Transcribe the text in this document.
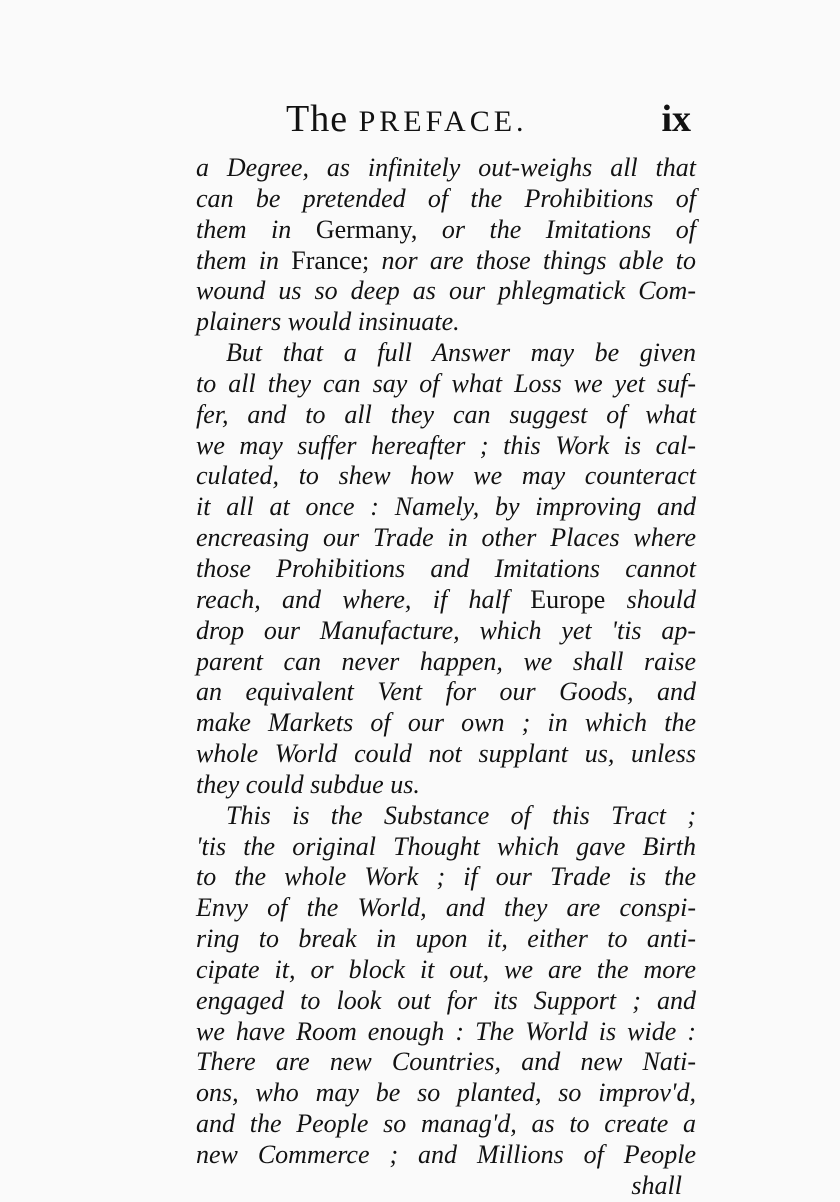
The PREFACE.	ix
a Degree, as infinitely out-weighs all that
can be pretended of the Prohibitions of
them in Germany, or the Imitations of
them in France; nor are those things able to
wound us so deep as our phlegmatick Com-
plainers would insinuate.
But that a full Answer may be given
to all they can say of what Loss we yet suf-
fer, and to all they can suggest of what
we may suffer hereafter ; this Work is cal-
culated, to shew how we may counteract
it all at once : Namely, by improving and
encreasing our Trade in other Places where
those Prohibitions and Imitations cannot
reach, and where, if half Europe should
drop our Manufacture, which yet 'tis ap-
parent can never happen, we shall raise
an equivalent Vent for our Goods, and
make Markets of our own ; in which the
whole World could not supplant us, unless
they could subdue us.
This is the Substance of this Tract ;
'tis the original Thought which gave Birth
to the whole Work ; if our Trade is the
Envy of the World, and they are conspi-
ring to break in upon it, either to anti-
cipate it, or block it out, we are the more
engaged to look out for its Support ; and
we have Room enough : The World is wide :
There are new Countries, and new Nati-
ons, who may be so planted, so improv'd,
and the People so manag'd, as to create a
new Commerce ; and Millions of People
shall
